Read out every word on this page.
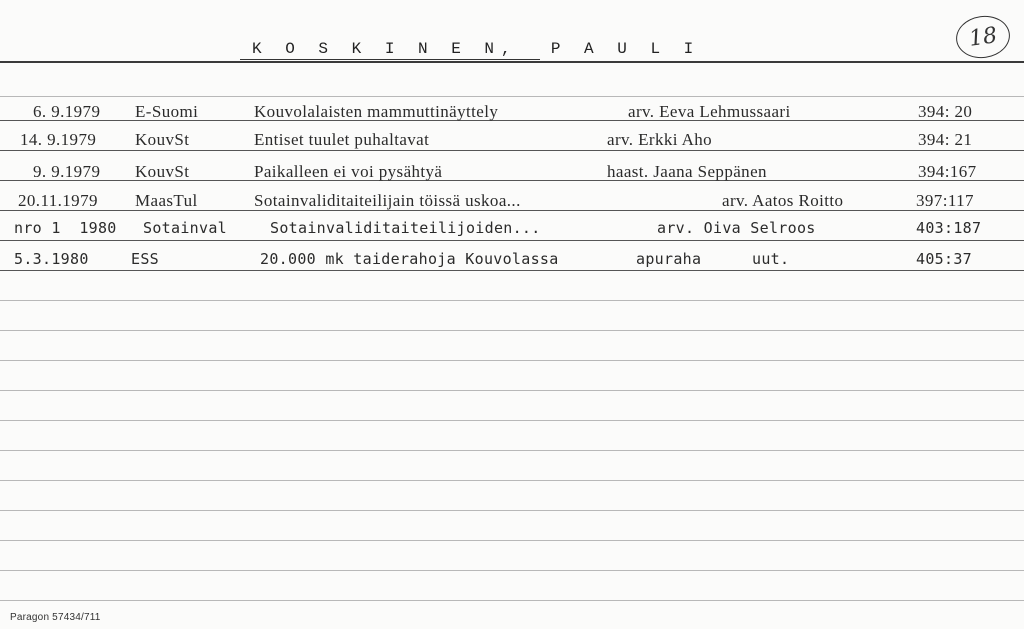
K O S K I N E N,  P A U L I	18
6. 9.1979 E-Suomi	Kouvolalaisten mammuttinäyttely	arv. Eeva Lehmussaari	394: 20
14. 9.1979 KouvSt	Entiset tuulet puhaltavat	arv. Erkki Aho	394: 21
9. 9.1979 KouvSt	Paikalleen ei voi pysähtyä	haast. Jaana Seppänen	394:167
20.11.1979 MaasTul	Sotainvaliditaiteilijain töissä uskoa...	arv. Aatos Roitto	397:117
nro 1  1980 Sotainval	Sotainvaliditaiteilijoiden...	arv. Oiva Selroos	403:187
5.3.1980	ESS	20.000 mk taiderahoja Kouvolassa	apuraha	uut.	405:37
Paragon 57434/711
